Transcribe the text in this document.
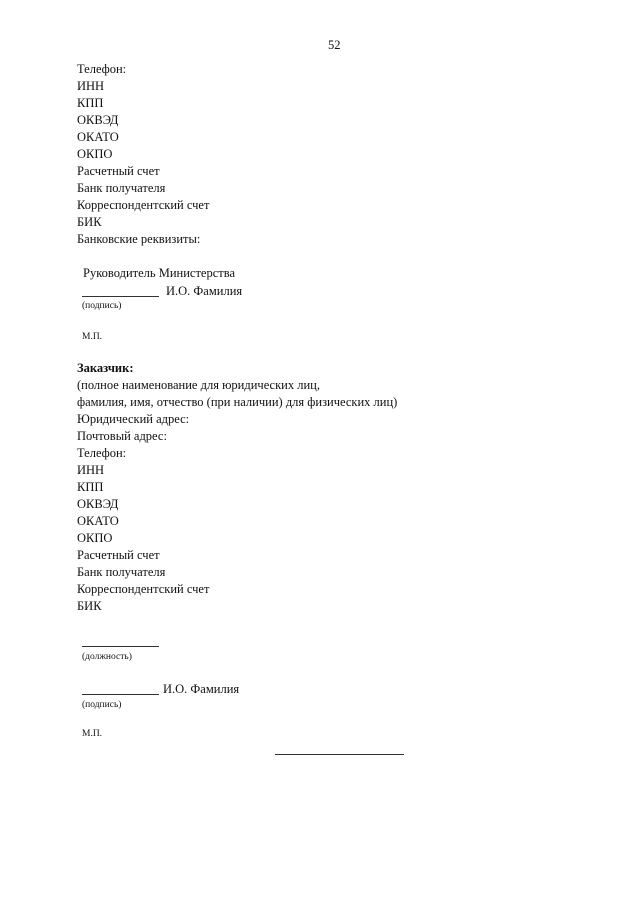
52
Телефон:
ИНН
КПП
ОКВЭД
ОКАТО
ОКПО
Расчетный счет
Банк получателя
Корреспондентский счет
БИК
Банковские реквизиты:
Руководитель Министерства
И.О. Фамилия
(подпись)
М.П.
Заказчик:
(полное наименование для юридических лиц,
фамилия, имя, отчество (при наличии) для физических лиц)
Юридический адрес:
Почтовый адрес:
Телефон:
ИНН
КПП
ОКВЭД
ОКАТО
ОКПО
Расчетный счет
Банк получателя
Корреспондентский счет
БИК
(должность)
И.О. Фамилия
(подпись)
М.П.
